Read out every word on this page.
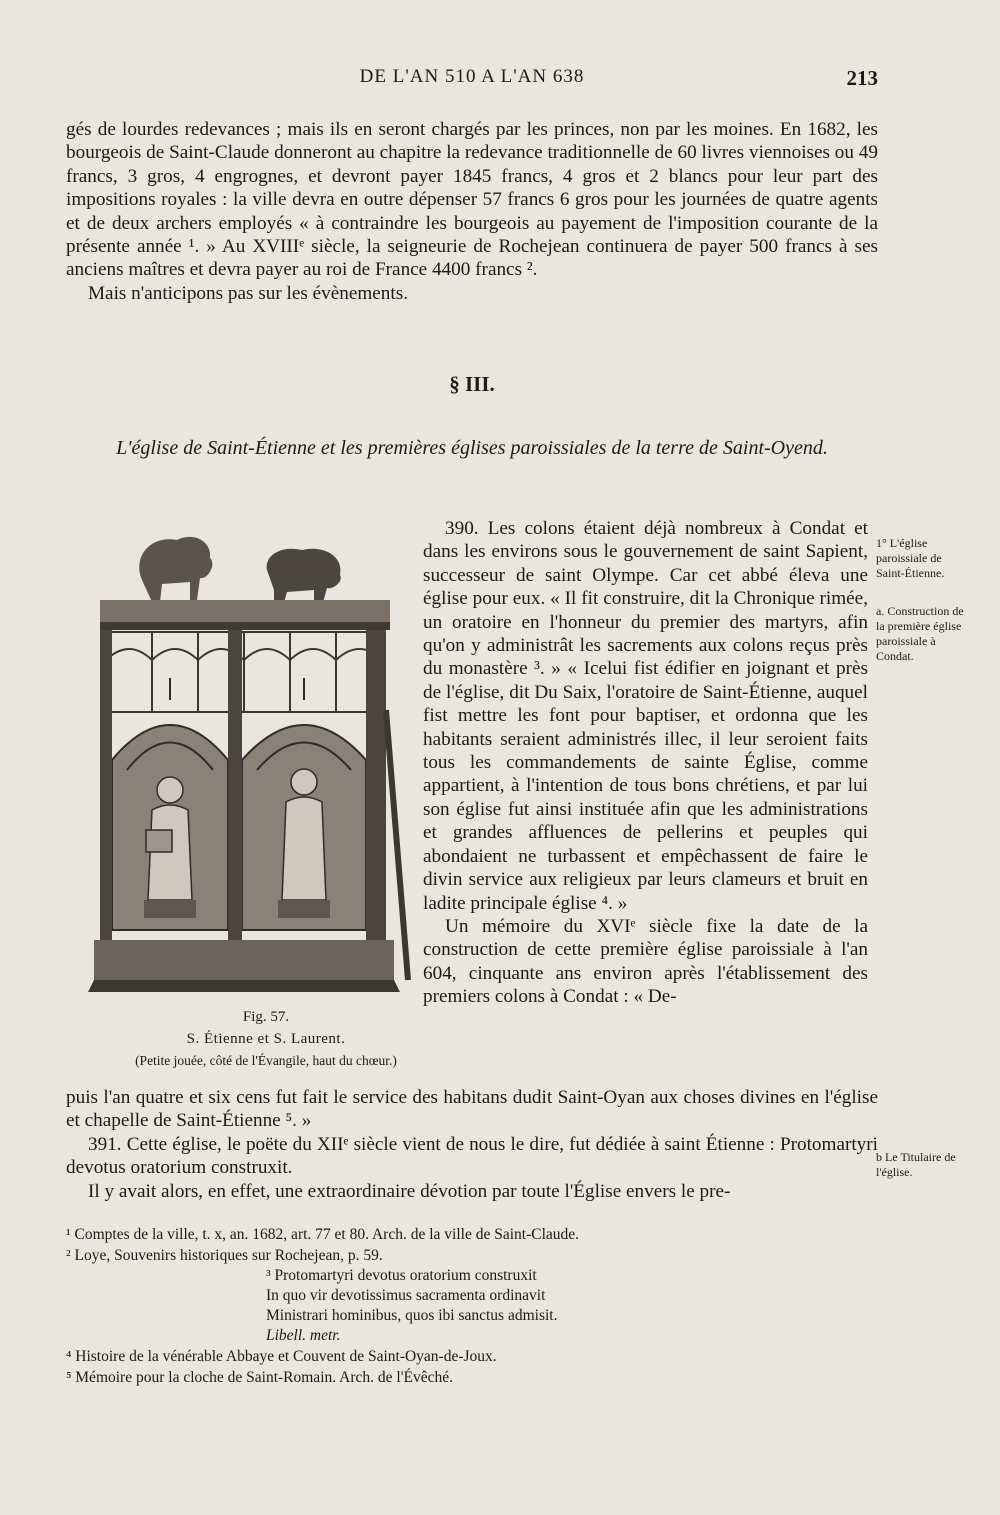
DE L'AN 510 A L'AN 638	213

gés de lourdes redevances ; mais ils en seront chargés par les princes, non par les moines. En 1682, les bourgeois de Saint-Claude donneront au chapitre la redevance traditionnelle de 60 livres viennoises ou 49 francs, 3 gros, 4 engrognes, et devront payer 1845 francs, 4 gros et 2 blancs pour leur part des impositions royales : la ville devra en outre dépenser 57 francs 6 gros pour les journées de quatre agents et de deux archers employés « à contraindre les bourgeois au payement de l'imposition courante de la présente année ¹. » Au XVIIIᵉ siècle, la seigneurie de Rochejean continuera de payer 500 francs à ses anciens maîtres et devra payer au roi de France 4400 francs ².

Mais n'anticipons pas sur les évènements.

§ III.
L'église de Saint-Étienne et les premières églises paroissiales de la terre de Saint-Oyend.
Fig. 57.
S. Étienne et S. Laurent.
(Petite jouée, côté de l'Évangile, haut du chœur.)

390. Les colons étaient déjà nombreux à Condat et dans les environs sous le gouvernement de saint Sapient, successeur de saint Olympe. Car cet abbé éleva une église pour eux. « Il fit construire, dit la Chronique rimée, un oratoire en l'honneur du premier des martyrs, afin qu'on y administrât les sacrements aux colons reçus près du monastère ³. » « Icelui fist édifier en joignant et près de l'église, dit Du Saix, l'oratoire de Saint-Étienne, auquel fist mettre les font pour baptiser, et ordonna que les habitants seraient administrés illec, il leur seroient faits tous les commandements de sainte Église, comme appartient, à l'intention de tous bons chrétiens, et par lui son église fut ainsi instituée afin que les administrations et grandes affluences de pellerins et peuples qui abondaient ne turbassent et empêchassent de faire le divin service aux religieux par leurs clameurs et bruit en ladite principale église ⁴. »

Un mémoire du XVIᵉ siècle fixe la date de la construction de cette première église paroissiale à l'an 604, cinquante ans environ après l'établissement des premiers colons à Condat : « De-

puis l'an quatre et six cens fut fait le service des habitans dudit Saint-Oyan aux choses divines en l'église et chapelle de Saint-Étienne ⁵. »

391. Cette église, le poëte du XIIᵉ siècle vient de nous le dire, fut dédiée à saint Étienne : Protomartyri devotus oratorium construxit.

Il y avait alors, en effet, une extraordinaire dévotion par toute l'Église envers le pre-

1° L'église paroissiale de Saint-Étienne.
a. Construction de la première église paroissiale à Condat.
b Le Titulaire de l'église.

¹ Comptes de la ville, t. x, an. 1682, art. 77 et 80. Arch. de la ville de Saint-Claude.

² Loye, Souvenirs historiques sur Rochejean, p. 59.

³ Protomartyri devotus oratorium construxit

In quo vir devotissimus sacramenta ordinavit

Ministrari hominibus, quos ibi sanctus admisit.

Libell. metr.

⁴ Histoire de la vénérable Abbaye et Couvent de Saint-Oyan-de-Joux.

⁵ Mémoire pour la cloche de Saint-Romain. Arch. de l'Évêché.
